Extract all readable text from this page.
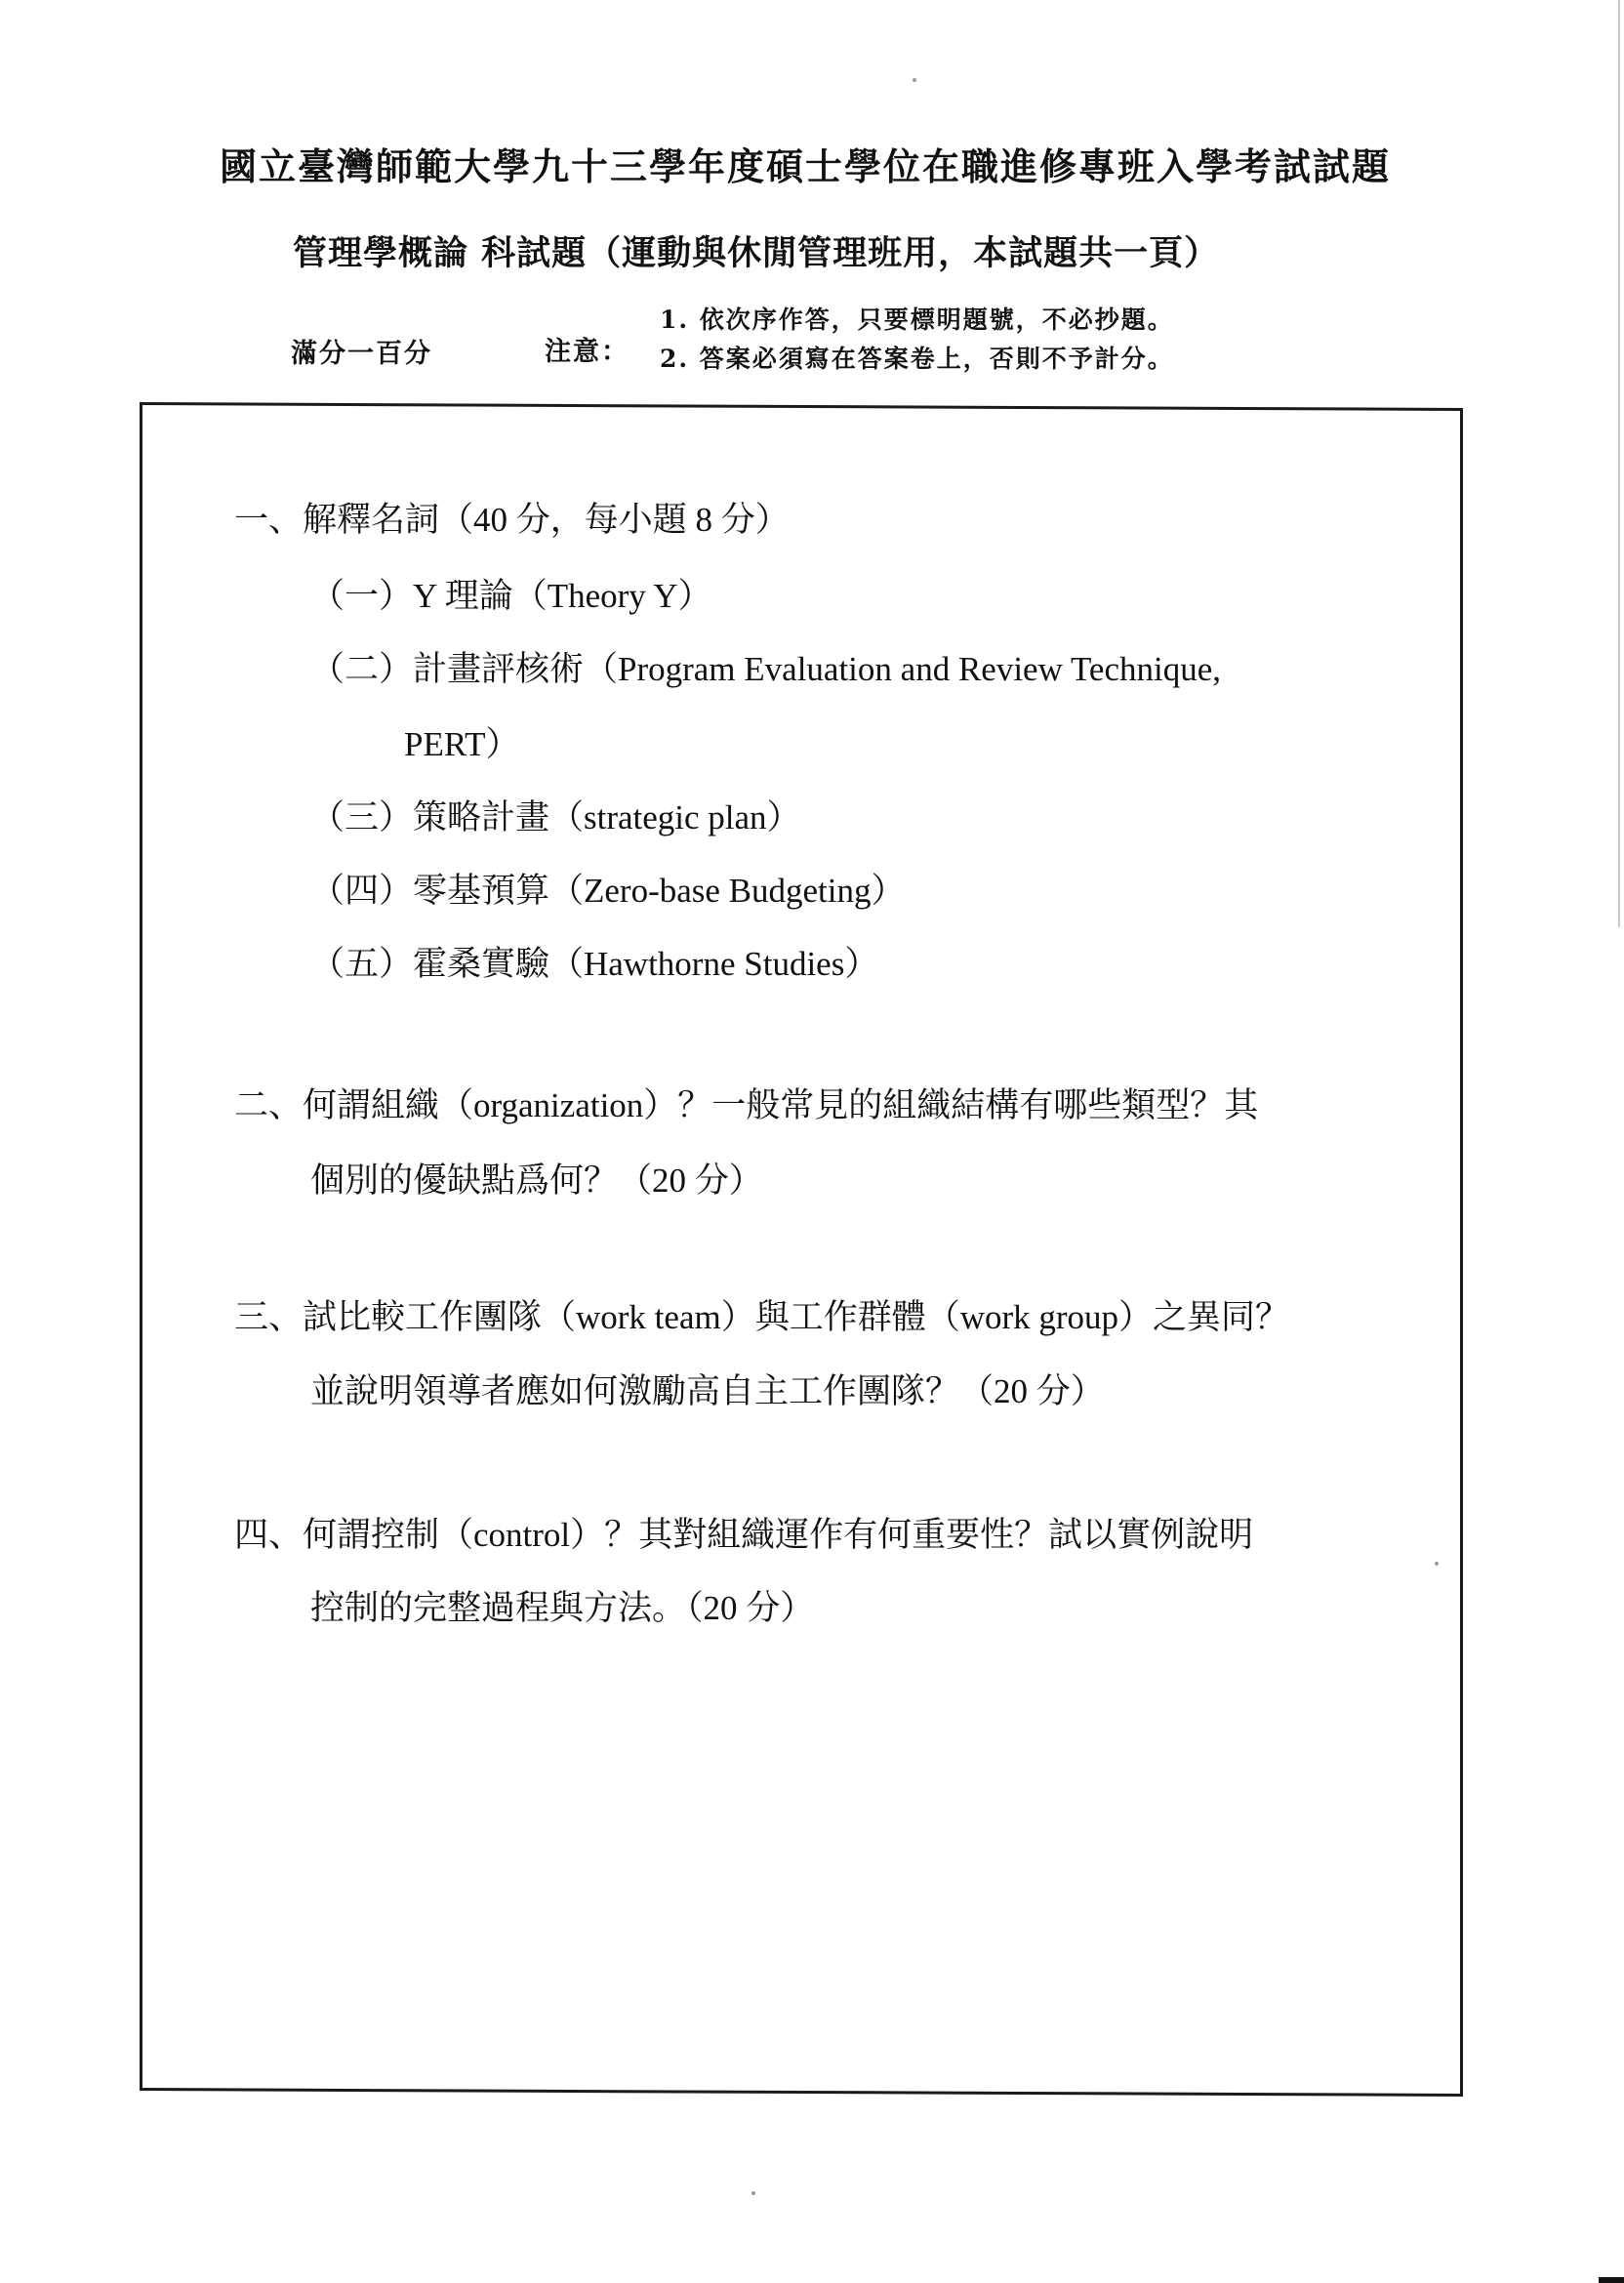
國立臺灣師範大學九十三學年度碩士學位在職進修專班入學考試試題
管理學概論 科試題（運動與休閒管理班用，本試題共一頁）
滿分一百分	注意：
1. 依次序作答，只要標明題號，不必抄題。
2. 答案必須寫在答案卷上，否則不予計分。
一、解釋名詞（40 分，每小題 8 分）
（一）Y 理論（Theory Y）
（二）計畫評核術（Program Evaluation and Review Technique,
PERT）
（三）策略計畫（strategic plan）
（四）零基預算（Zero-base Budgeting）
（五）霍桑實驗（Hawthorne Studies）
二、何謂組織（organization）？一般常見的組織結構有哪些類型？其
個別的優缺點爲何？（20 分）
三、試比較工作團隊（work team）與工作群體（work group）之異同？
並說明領導者應如何激勵高自主工作團隊？（20 分）
四、何謂控制（control）？其對組織運作有何重要性？試以實例說明
控制的完整過程與方法。（20 分）
